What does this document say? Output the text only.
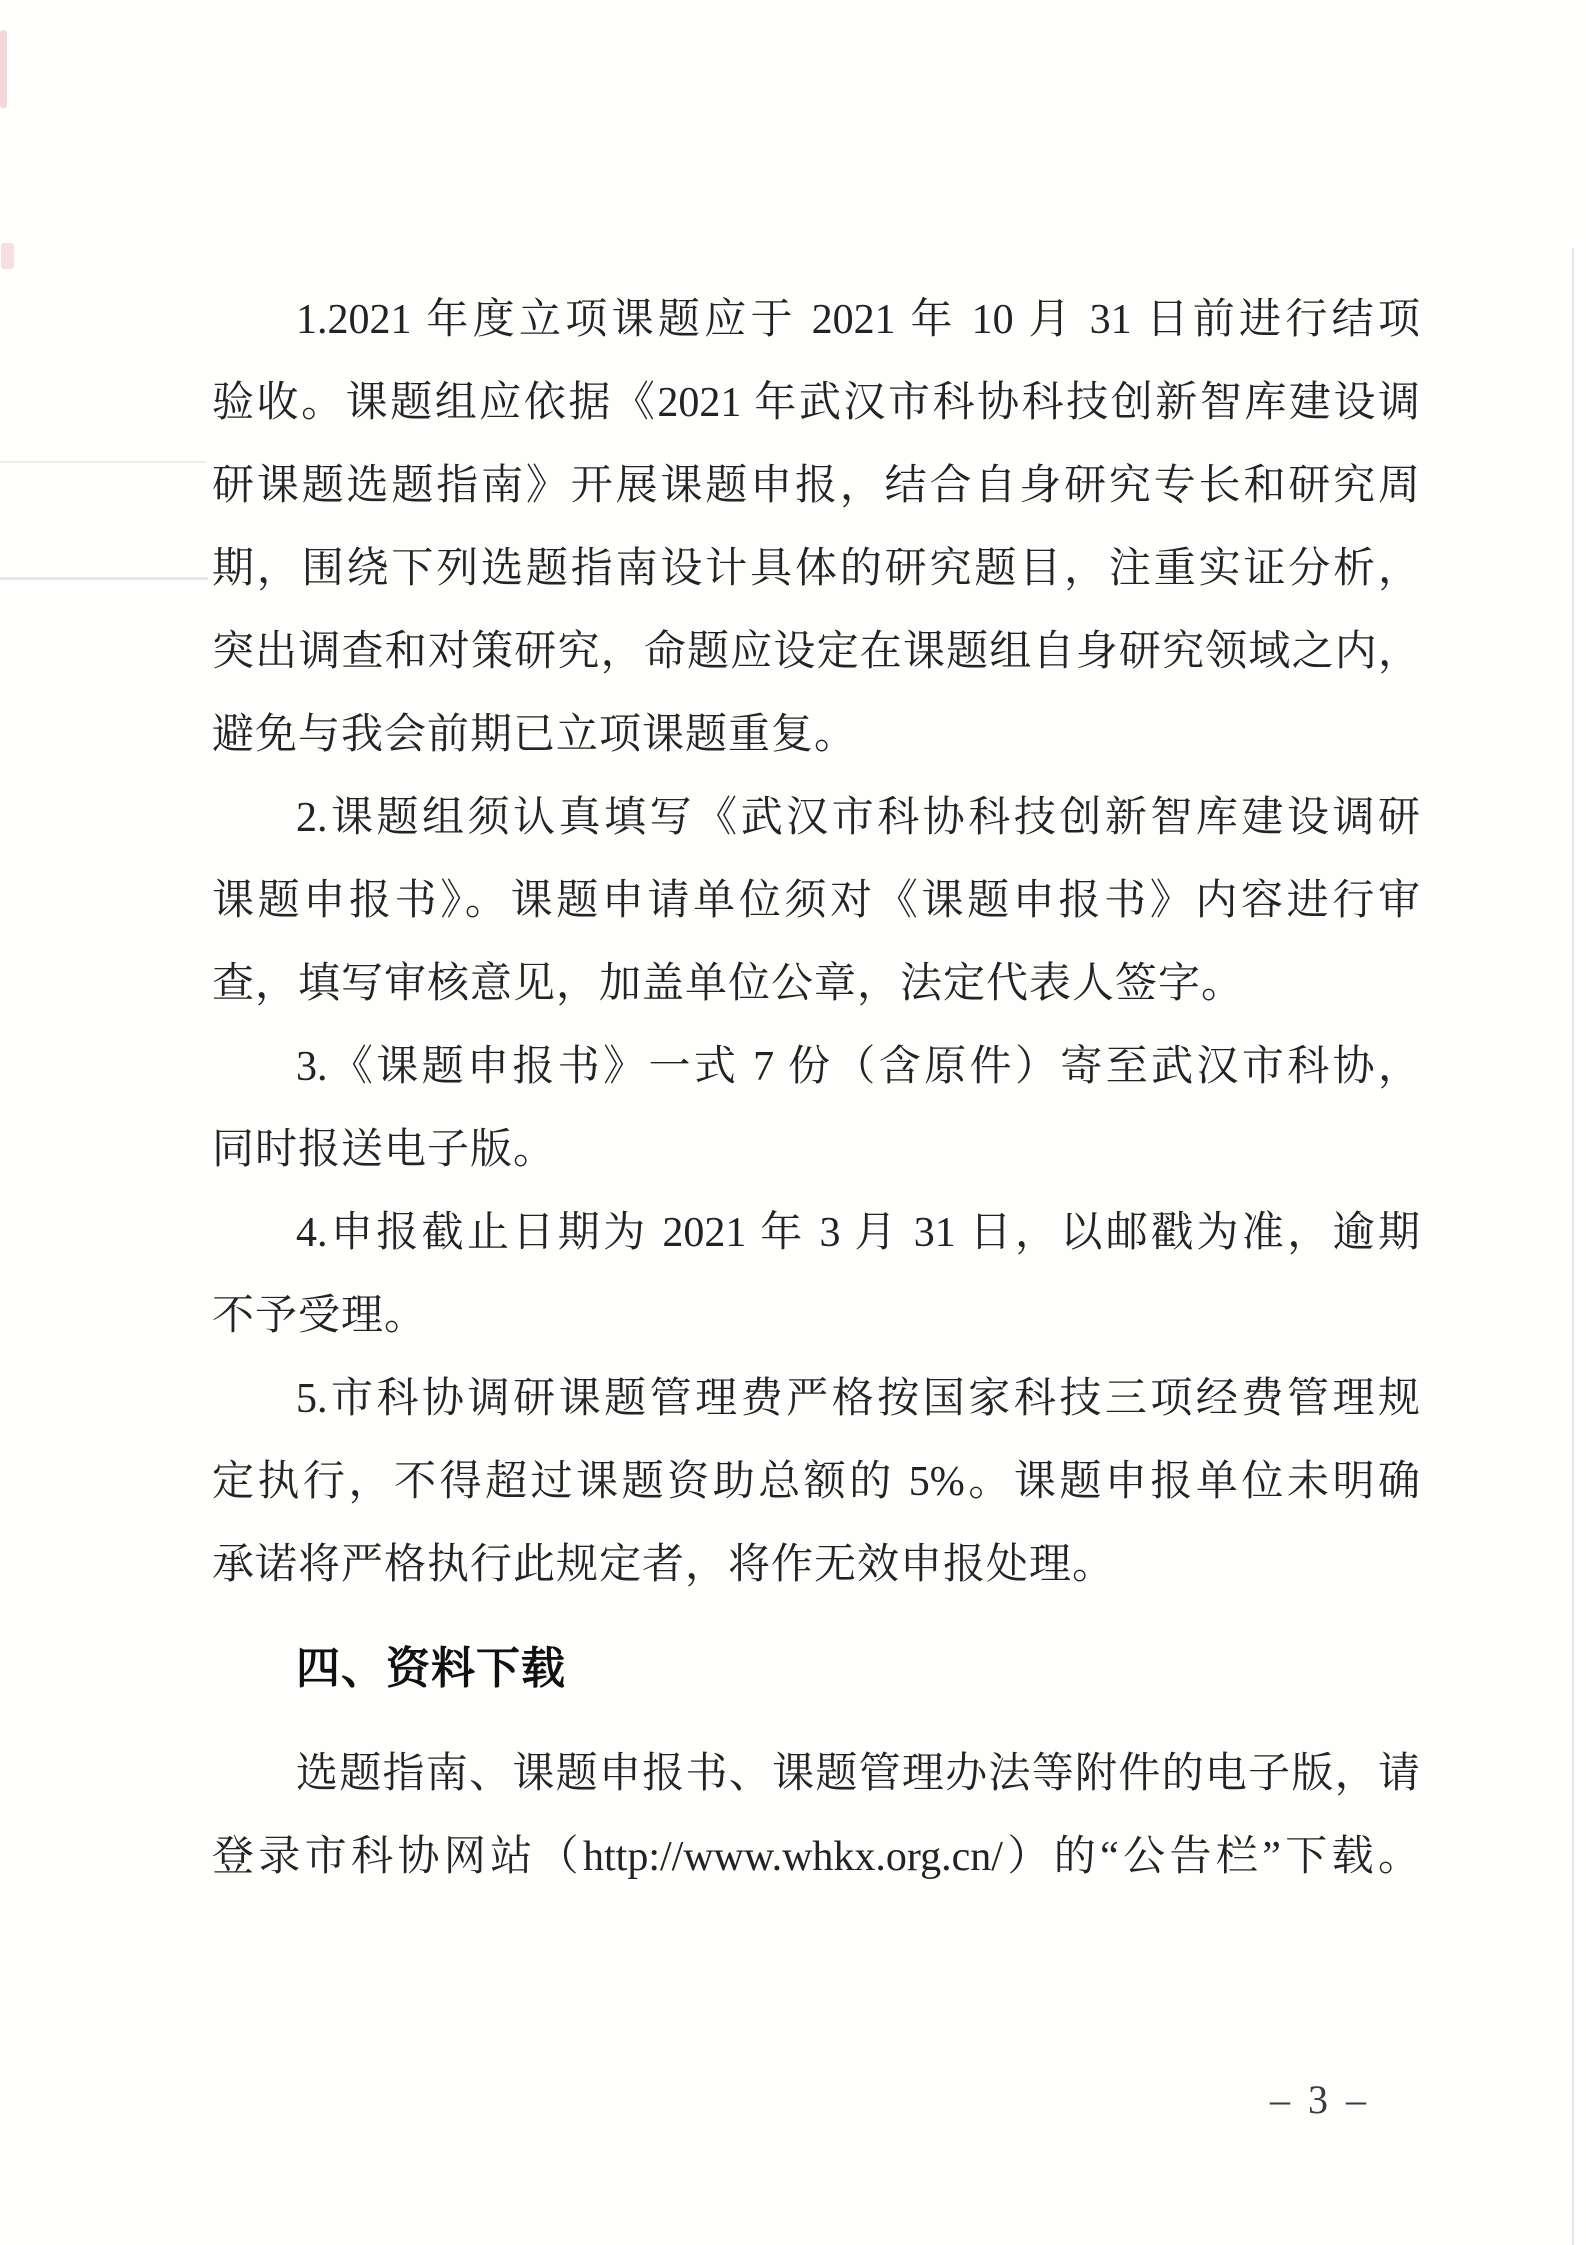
1.2021 年度立项课题应于 2021 年 10 月 31 日前进行结项
验收。课题组应依据《2021 年武汉市科协科技创新智库建设调
研课题选题指南》开展课题申报，结合自身研究专长和研究周
期，围绕下列选题指南设计具体的研究题目，注重实证分析，
突出调查和对策研究，命题应设定在课题组自身研究领域之内，
避免与我会前期已立项课题重复。
2.课题组须认真填写《武汉市科协科技创新智库建设调研
课题申报书》。课题申请单位须对《课题申报书》内容进行审
查，填写审核意见，加盖单位公章，法定代表人签字。
3.《课题申报书》一式 7 份（含原件）寄至武汉市科协，
同时报送电子版。
4.申报截止日期为 2021 年 3 月 31 日，以邮戳为准，逾期
不予受理。
5.市科协调研课题管理费严格按国家科技三项经费管理规
定执行，不得超过课题资助总额的 5%。课题申报单位未明确
承诺将严格执行此规定者，将作无效申报处理。
四、资料下载
选题指南、课题申报书、课题管理办法等附件的电子版，请
登录市科协网站（http://www.whkx.org.cn/）的“公告栏”下载。
– 3 –
